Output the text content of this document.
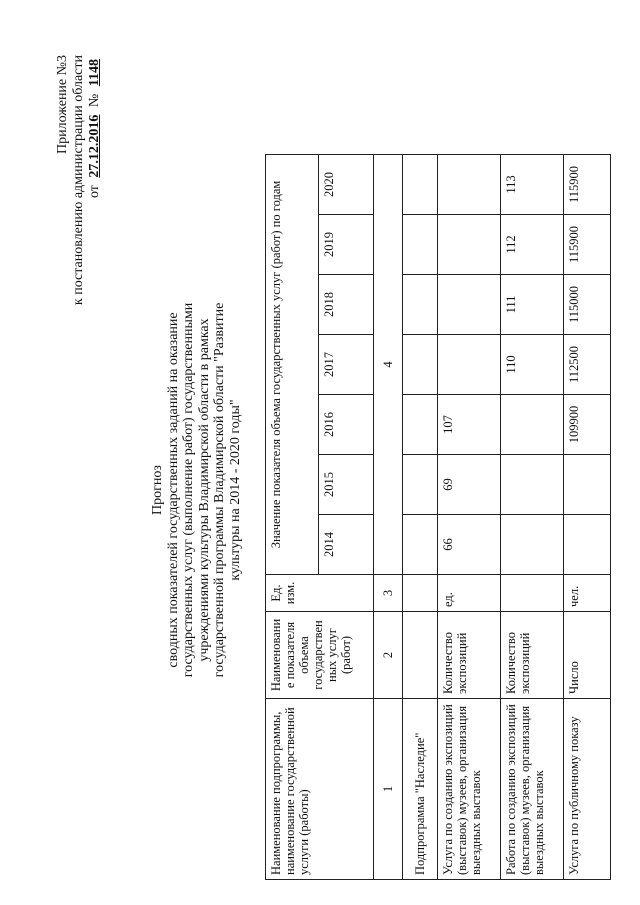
Приложение №3 к постановлению администрации области от 27.12.2016 № 1148
Прогноз сводных показателей государственных заданий на оказание государственных услуг (выполнение работ) государственными учреждениями культуры Владимирской области в рамках государственной программы Владимирской области "Развитие культуры на 2014 - 2020 годы"
Наименование подпрограммы, наименование государственной услуги (работы)	Наименовани е показателя объема государствен ных услуг (работ)	Ед. изм.	Значение показателя объема государственных услуг (работ) по годам						
			2014	2015	2016	2017	2018	2019	2020
1	2	3	4						
Подпрограмма "Наследие"									
Услуга по созданию экспозиций (выставок) музеев, организация выездных выставок	Количество экспозиций	ед.	66	69	107				
Работа по созданию экспозиций (выставок) музеев, организация выездных выставок	Количество экспозиций					110	111	112	113
Услуга по публичному показу	Число	чел.			109900	112500	115000	115900	115900
